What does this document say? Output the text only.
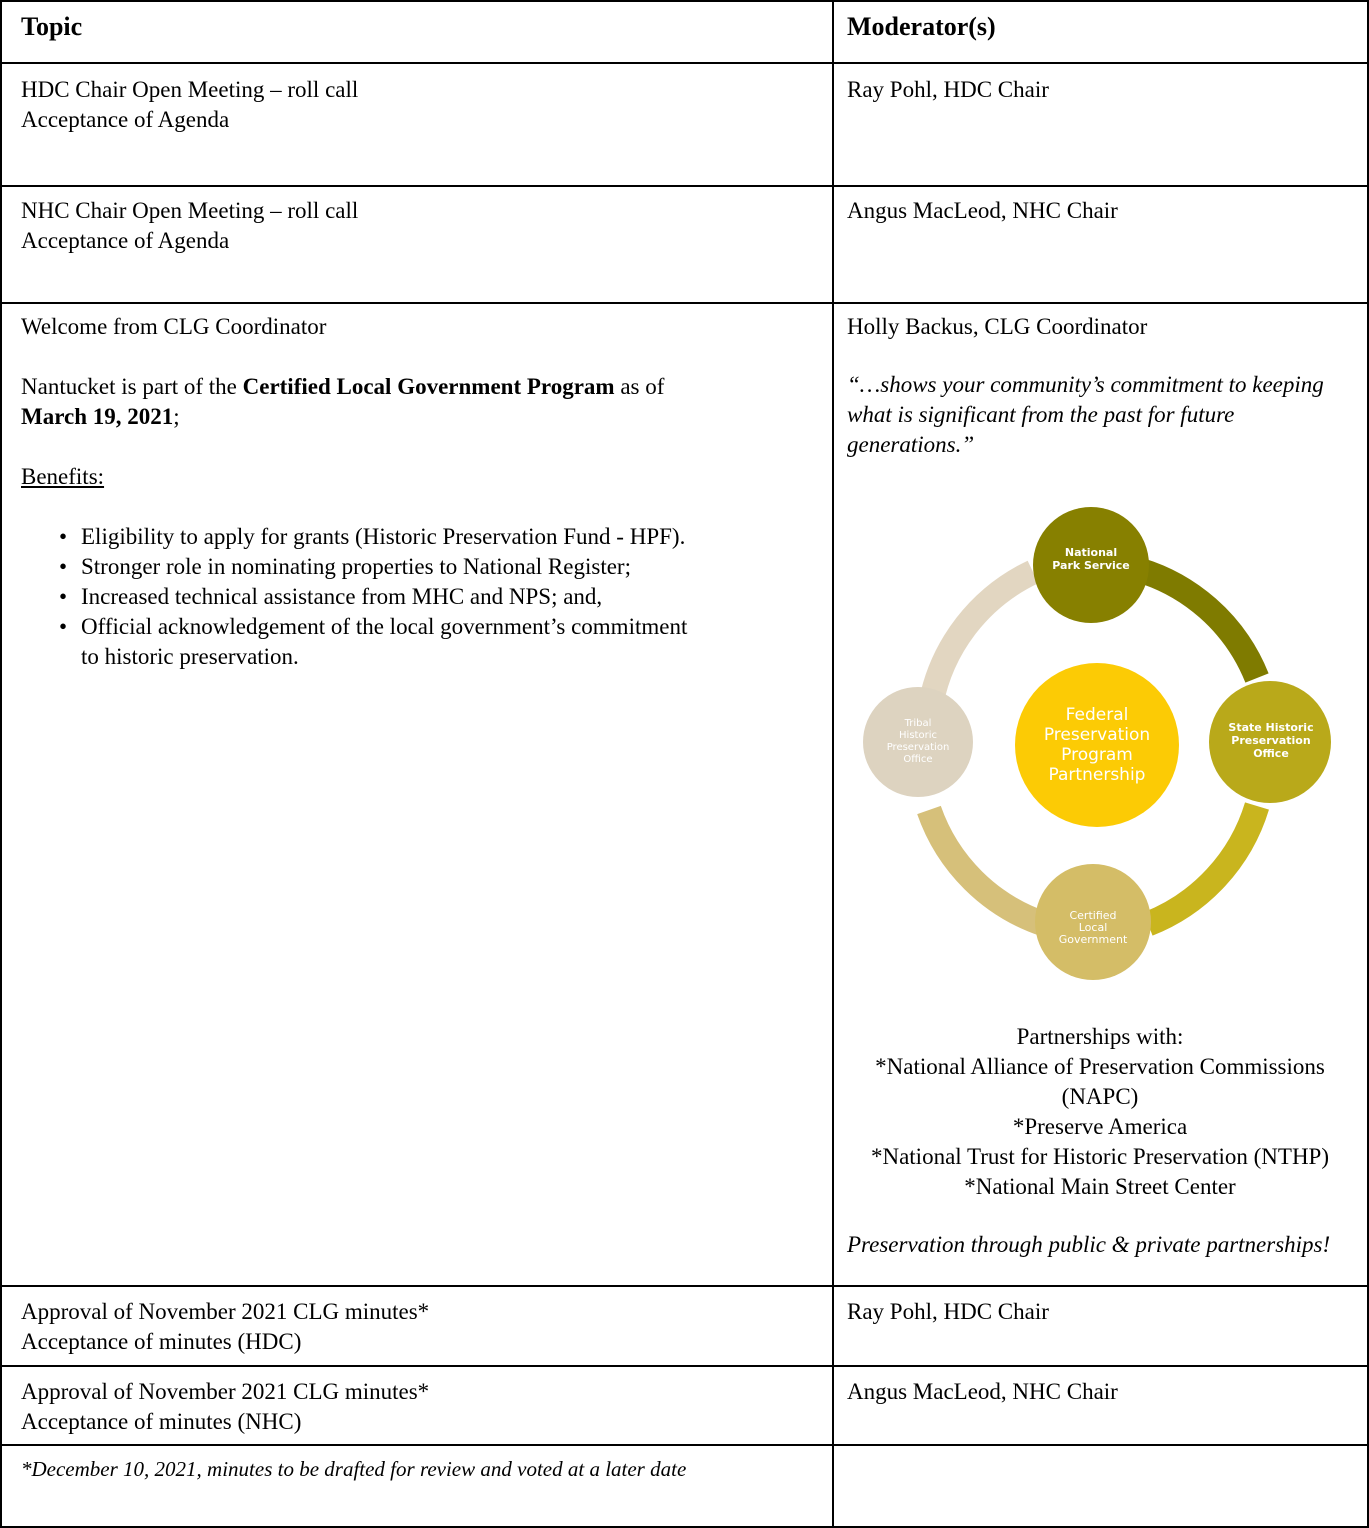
Topic	Moderator(s)
HDC Chair Open Meeting – roll call
Acceptance of Agenda
Ray Pohl, HDC Chair
NHC Chair Open Meeting – roll call
Acceptance of Agenda
Angus MacLeod, NHC Chair
Welcome from CLG Coordinator
Nantucket is part of the Certified Local Government Program as of
March 19, 2021;
Benefits:
• Eligibility to apply for grants (Historic Preservation Fund - HPF).
• Stronger role in nominating properties to National Register;
• Increased technical assistance from MHC and NPS; and,
• Official acknowledgement of the local government’s commitment
to historic preservation.
Holly Backus, CLG Coordinator
“…shows your community’s commitment to keeping
what is significant from the past for future
generations.”
National
Park Service
State Historic
Preservation
Office
Certified
Local
Government
Tribal
Historic
Preservation
Office
Federal
Preservation
Program
Partnership
Partnerships with:
*National Alliance of Preservation Commissions
(NAPC)
*Preserve America
*National Trust for Historic Preservation (NTHP)
*National Main Street Center
Preservation through public & private partnerships!
Approval of November 2021 CLG minutes*
Acceptance of minutes (HDC)
Ray Pohl, HDC Chair
Approval of November 2021 CLG minutes*
Acceptance of minutes (NHC)
Angus MacLeod, NHC Chair
*December 10, 2021, minutes to be drafted for review and voted at a later date
